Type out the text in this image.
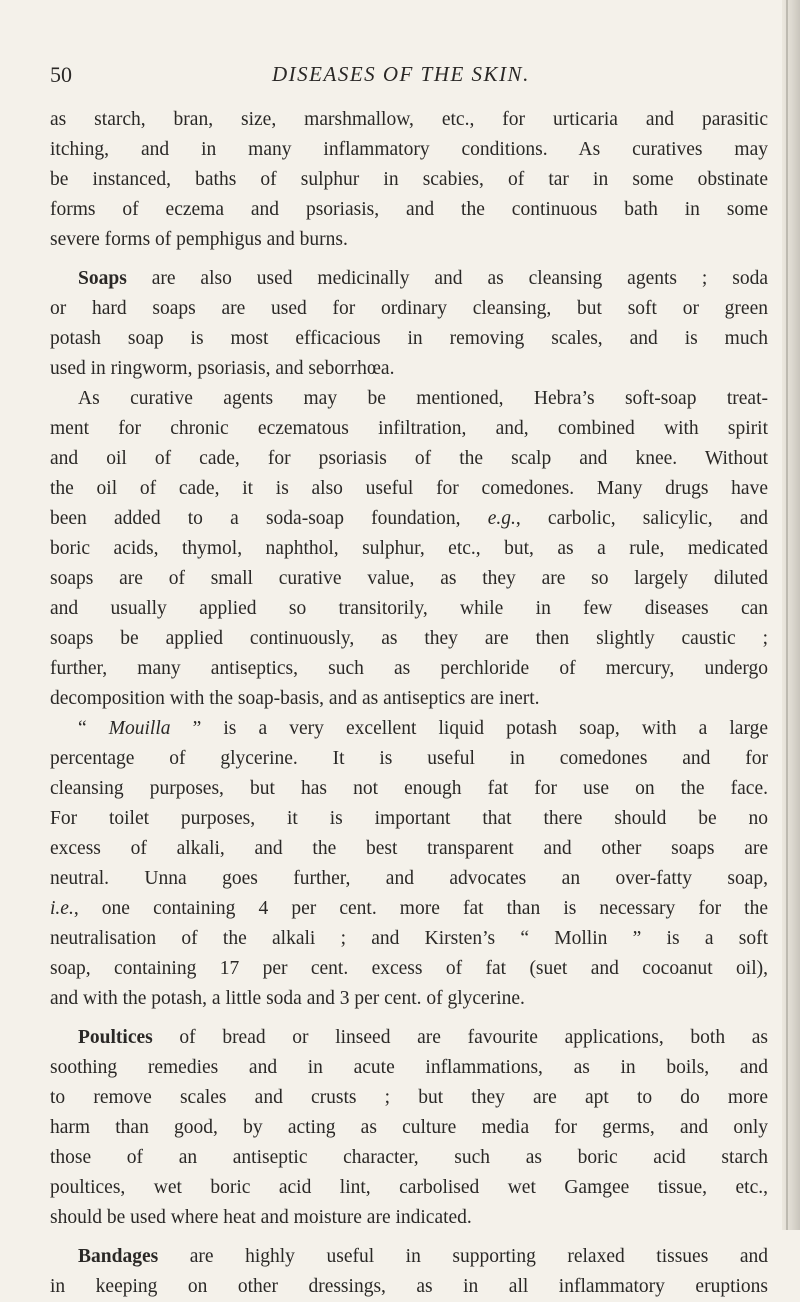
50	DISEASES OF THE SKIN.
as starch, bran, size, marshmallow, etc., for urticaria and parasitic
itching, and in many inflammatory conditions. As curatives may
be instanced, baths of sulphur in scabies, of tar in some obstinate
forms of eczema and psoriasis, and the continuous bath in some
severe forms of pemphigus and burns.
Soaps are also used medicinally and as cleansing agents ; soda
or hard soaps are used for ordinary cleansing, but soft or green
potash soap is most efficacious in removing scales, and is much
used in ringworm, psoriasis, and seborrhœa.
As curative agents may be mentioned, Hebra’s soft-soap treat-
ment for chronic eczematous infiltration, and, combined with spirit
and oil of cade, for psoriasis of the scalp and knee. Without
the oil of cade, it is also useful for comedones. Many drugs have
been added to a soda-soap foundation, e.g., carbolic, salicylic, and
boric acids, thymol, naphthol, sulphur, etc., but, as a rule, medicated
soaps are of small curative value, as they are so largely diluted
and usually applied so transitorily, while in few diseases can
soaps be applied continuously, as they are then slightly caustic ;
further, many antiseptics, such as perchloride of mercury, undergo
decomposition with the soap-basis, and as antiseptics are inert.
“ Mouilla ” is a very excellent liquid potash soap, with a large
percentage of glycerine. It is useful in comedones and for
cleansing purposes, but has not enough fat for use on the face.
For toilet purposes, it is important that there should be no
excess of alkali, and the best transparent and other soaps are
neutral. Unna goes further, and advocates an over-fatty soap,
i.e., one containing 4 per cent. more fat than is necessary for the
neutralisation of the alkali ; and Kirsten’s “ Mollin ” is a soft
soap, containing 17 per cent. excess of fat (suet and cocoanut oil),
and with the potash, a little soda and 3 per cent. of glycerine.
Poultices of bread or linseed are favourite applications, both as
soothing remedies and in acute inflammations, as in boils, and
to remove scales and crusts ; but they are apt to do more
harm than good, by acting as culture media for germs, and only
those of an antiseptic character, such as boric acid starch
poultices, wet boric acid lint, carbolised wet Gamgee tissue, etc.,
should be used where heat and moisture are indicated.
Bandages are highly useful in supporting relaxed tissues and
in keeping on other dressings, as in all inflammatory eruptions
